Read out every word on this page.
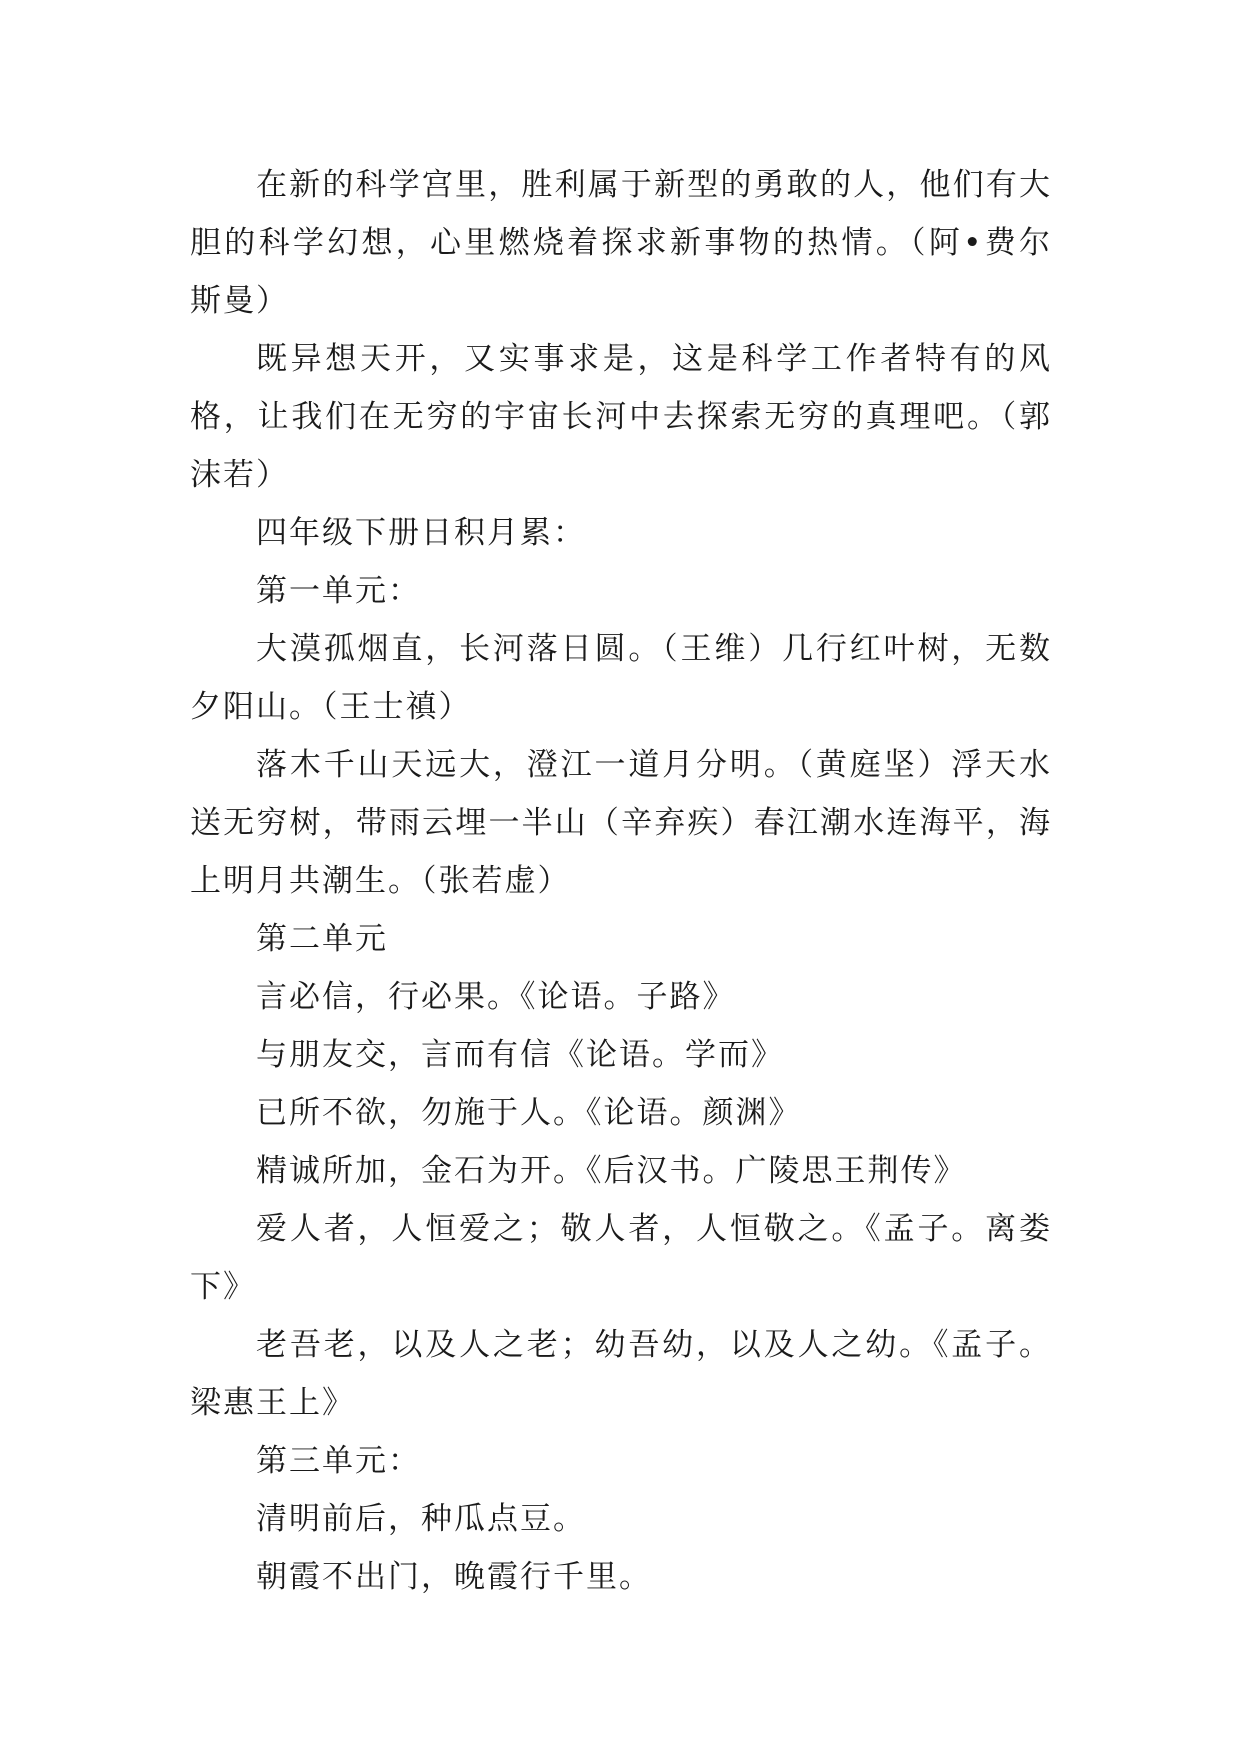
在新的科学宫里，胜利属于新型的勇敢的人，他们有大胆的科学幻想，心里燃烧着探求新事物的热情。（阿•费尔斯曼）

既异想天开，又实事求是，这是科学工作者特有的风格，让我们在无穷的宇宙长河中去探索无穷的真理吧。（郭沫若）

四年级下册日积月累：

第一单元：

大漠孤烟直，长河落日圆。（王维）几行红叶树，无数夕阳山。（王士禛）

落木千山天远大，澄江一道月分明。（黄庭坚）浮天水送无穷树，带雨云埋一半山（辛弃疾）春江潮水连海平，海上明月共潮生。（张若虚）

第二单元

言必信，行必果。《论语。子路》

与朋友交，言而有信《论语。学而》

已所不欲，勿施于人。《论语。颜渊》

精诚所加，金石为开。《后汉书。广陵思王荆传》

爱人者，人恒爱之；敬人者，人恒敬之。《孟子。离娄下》

老吾老，以及人之老；幼吾幼，以及人之幼。《孟子。梁惠王上》

第三单元：

清明前后，种瓜点豆。

朝霞不出门，晚霞行千里。
